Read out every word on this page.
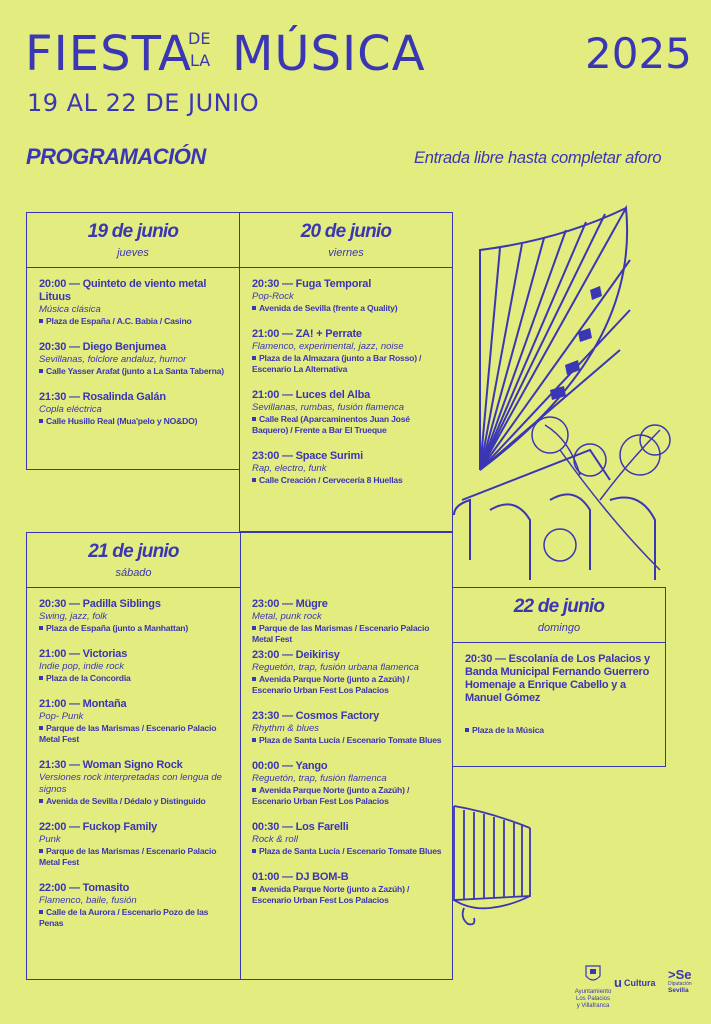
FIESTA
DE
LA MÚSICA	2025
19 AL 22 DE JUNIO
PROGRAMACIÓN	Entrada libre hasta completar aforo
19 de junio
jueves
20:00 — Quinteto de viento metal Lituus
Música clásica
Plaza de España / A.C. Babia / Casino
20:30 — Diego Benjumea
Sevillanas, folclore andaluz, humor
Calle Yasser Arafat (junto a La Santa Taberna)
21:30 — Rosalinda Galán
Copla eléctrica
Calle Husillo Real (Mua'pelo y NO&DO)
20 de junio
viernes
20:30 — Fuga Temporal
Pop-Rock
Avenida de Sevilla (frente a Quality)
21:00 — ZA! + Perrate
Flamenco, experimental, jazz, noise
Plaza de la Almazara (junto a Bar Rosso) / Escenario La Alternativa
21:00 — Luces del Alba
Sevillanas, rumbas, fusión flamenca
Calle Real (Aparcaminentos Juan José Baquero) / Frente a Bar El Trueque
23:00 — Space Surimi
Rap, electro, funk
Calle Creación / Cervecería 8 Huellas
21 de junio
sábado
20:30 — Padilla Siblings
Swing, jazz, folk
Plaza de España (junto a Manhattan)
21:00 — Victorias
Indie pop, indie rock
Plaza de la Concordia
21:00 — Montaña
Pop- Punk
Parque de las Marismas / Escenario Palacio Metal Fest
21:30 — Woman Signo Rock
Versiones rock interpretadas con lengua de signos
Avenida de Sevilla / Dédalo y Distinguido
22:00 — Fuckop Family
Punk
Parque de las Marismas / Escenario Palacio Metal Fest
22:00 — Tomasito
Flamenco, baile, fusión
Calle de la Aurora / Escenario Pozo de las Penas
23:00 — Mügre
Metal, punk rock
Parque de las Marismas / Escenario Palacio Metal Fest
23:00 — Deikirisy
Reguetón, trap, fusión urbana flamenca
Avenida Parque Norte (junto a Zazúh) / Escenario Urban Fest Los Palacios
23:30 — Cosmos Factory
Rhythm & blues
Plaza de Santa Lucía / Escenario Tomate Blues
00:00 — Yango
Reguetón, trap, fusión flamenca
Avenida Parque Norte (junto a Zazúh) / Escenario Urban Fest Los Palacios
00:30 — Los Farelli
Rock & roll
Plaza de Santa Lucía / Escenario Tomate Blues
01:00 — DJ BOM-B
Avenida Parque Norte (junto a Zazúh) / Escenario Urban Fest Los Palacios
22 de junio
domingo
20:30 — Escolanía de Los Palacios y Banda Municipal Fernando Guerrero Homenaje a Enrique Cabello y a Manuel Gómez
Plaza de la Música
Ayuntamiento Los Palacios y Villafranca
u Cultura
>Se
Diputación
Sevilla
